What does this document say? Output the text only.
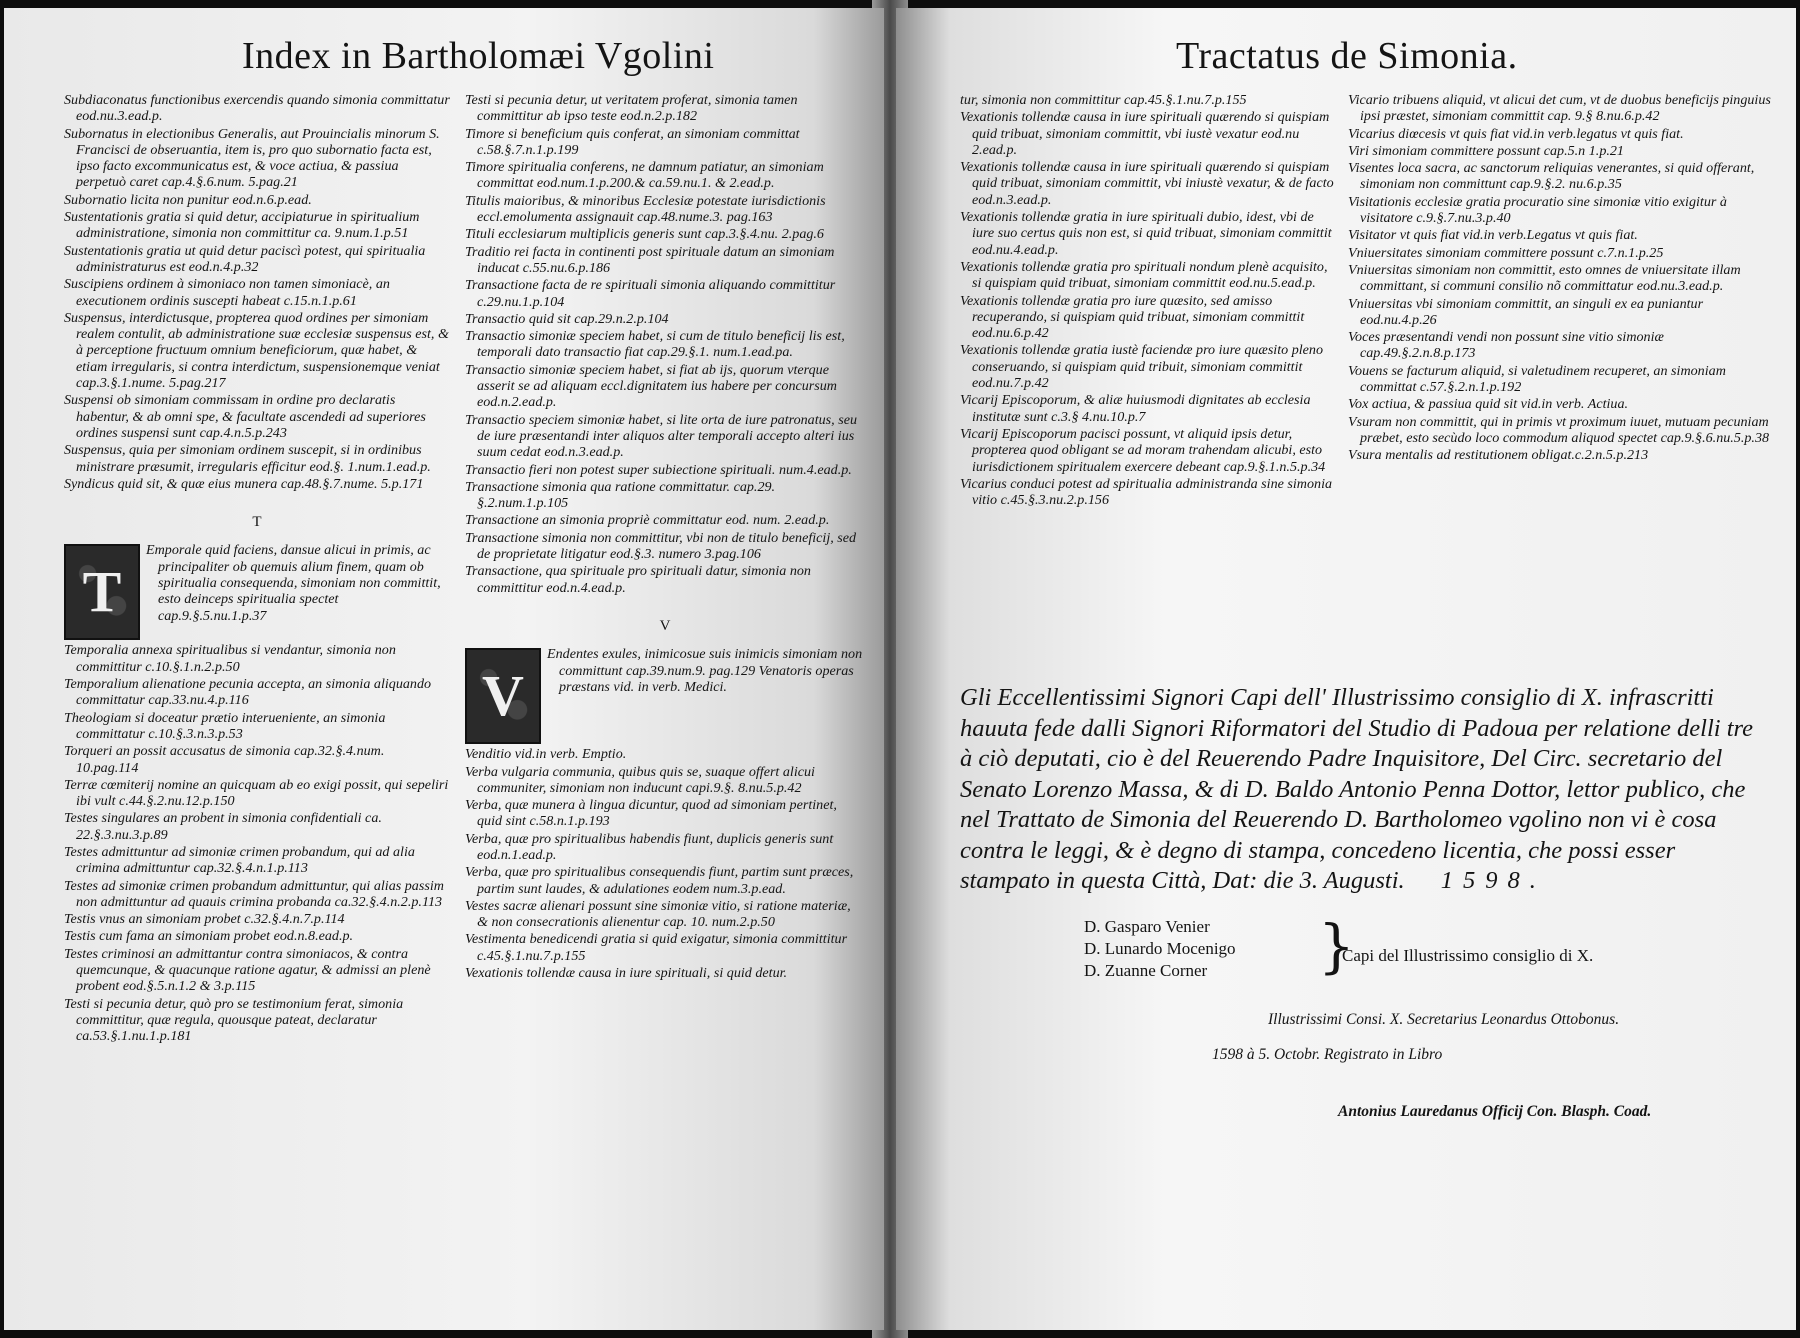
Index in Bartholomæi Vgolini
Subdiaconatus functionibus exercendis quando simonia committatur eod.nu.3.ead.p.
Subornatus in electionibus Generalis, aut Prouincialis minorum S. Francisci de obseruantia, item is, pro quo subornatio facta est, ipso facto excommunicatus est, & voce actiua, & passiua perpetuò caret cap.4.§.6.num. 5.pag.21
Subornatio licita non punitur eod.n.6.p.ead.
Sustentationis gratia si quid detur, accipiaturue in spiritualium administratione, simonia non committitur ca. 9.num.1.p.51
Sustentationis gratia ut quid detur paciscì potest, qui spiritualia administraturus est eod.n.4.p.32
Suscipiens ordinem à simoniaco non tamen simoniacè, an executionem ordinis suscepti habeat c.15.n.1.p.61
Suspensus, interdictusque, propterea quod ordines per simoniam realem contulit, ab administratione suæ ecclesiæ suspensus est, & à perceptione fructuum omnium beneficiorum, quæ habet, & etiam irregularis, si contra interdictum, suspensionemque veniat cap.3.§.1.nume. 5.pag.217
Suspensi ob simoniam commissam in ordine pro declaratis habentur, & ab omni spe, & facultate ascendedi ad superiores ordines suspensi sunt cap.4.n.5.p.243
Suspensus, quia per simoniam ordinem suscepit, si in ordinibus ministrare præsumit, irregularis efficitur eod.§. 1.num.1.ead.p.
Syndicus quid sit, & quæ eius munera cap.48.§.7.nume. 5.p.171
T
T
Emporale quid faciens, dansue alicui in primis, ac principaliter ob quemuis alium finem, quam ob spiritualia consequenda, simoniam non committit, esto deinceps spiritualia spectet cap.9.§.5.nu.1.p.37
Temporalia annexa spiritualibus si vendantur, simonia non committitur c.10.§.1.n.2.p.50
Temporalium alienatione pecunia accepta, an simonia aliquando committatur cap.33.nu.4.p.116
Theologiam si doceatur prætio interueniente, an simonia committatur c.10.§.3.n.3.p.53
Torqueri an possit accusatus de simonia cap.32.§.4.num. 10.pag.114
Terræ cœmiterij nomine an quicquam ab eo exigi possit, qui sepeliri ibi vult c.44.§.2.nu.12.p.150
Testes singulares an probent in simonia confidentiali ca. 22.§.3.nu.3.p.89
Testes admittuntur ad simoniæ crimen probandum, qui ad alia crimina admittuntur cap.32.§.4.n.1.p.113
Testes ad simoniæ crimen probandum admittuntur, qui alias passim non admittuntur ad quauis crimina probanda ca.32.§.4.n.2.p.113
Testis vnus an simoniam probet c.32.§.4.n.7.p.114
Testis cum fama an simoniam probet eod.n.8.ead.p.
Testes criminosi an admittantur contra simoniacos, & contra quemcunque, & quacunque ratione agatur, & admissi an plenè probent eod.§.5.n.1.2 & 3.p.115
Testi si pecunia detur, quò pro se testimonium ferat, simonia committitur, quæ regula, quousque pateat, declaratur ca.53.§.1.nu.1.p.181
Testi si pecunia detur, ut veritatem proferat, simonia tamen committitur ab ipso teste eod.n.2.p.182
Timore si beneficium quis conferat, an simoniam committat c.58.§.7.n.1.p.199
Timore spiritualia conferens, ne damnum patiatur, an simoniam committat eod.num.1.p.200.& ca.59.nu.1. & 2.ead.p.
Titulis maioribus, & minoribus Ecclesiæ potestate iurisdictionis eccl.emolumenta assignauit cap.48.nume.3. pag.163
Tituli ecclesiarum multiplicis generis sunt cap.3.§.4.nu. 2.pag.6
Traditio rei facta in continenti post spirituale datum an simoniam inducat c.55.nu.6.p.186
Transactione facta de re spirituali simonia aliquando committitur c.29.nu.1.p.104
Transactio quid sit cap.29.n.2.p.104
Transactio simoniæ speciem habet, si cum de titulo beneficij lis est, temporali dato transactio fiat cap.29.§.1. num.1.ead.pa.
Transactio simoniæ speciem habet, si fiat ab ijs, quorum vterque asserit se ad aliquam eccl.dignitatem ius habere per concursum eod.n.2.ead.p.
Transactio speciem simoniæ habet, si lite orta de iure patronatus, seu de iure præsentandi inter aliquos alter temporali accepto alteri ius suum cedat eod.n.3.ead.p.
Transactio fieri non potest super subiectione spirituali. num.4.ead.p.
Transactione simonia qua ratione committatur. cap.29. §.2.num.1.p.105
Transactione an simonia propriè committatur eod. num. 2.ead.p.
Transactione simonia non committitur, vbi non de titulo beneficij, sed de proprietate litigatur eod.§.3. numero 3.pag.106
Transactione, qua spirituale pro spirituali datur, simonia non committitur eod.n.4.ead.p.
V
V
Endentes exules, inimicosue suis inimicis simoniam non committunt cap.39.num.9. pag.129 Venatoris operas præstans vid. in verb. Medici.
Venditio vid.in verb. Emptio.
Verba vulgaria communia, quibus quis se, suaque offert alicui communiter, simoniam non inducunt capi.9.§. 8.nu.5.p.42
Verba, quæ munera à lingua dicuntur, quod ad simoniam pertinet, quid sint c.58.n.1.p.193
Verba, quæ pro spiritualibus habendis fiunt, duplicis generis sunt eod.n.1.ead.p.
Verba, quæ pro spiritualibus consequendis fiunt, partim sunt præces, partim sunt laudes, & adulationes eodem num.3.p.ead.
Vestes sacræ alienari possunt sine simoniæ vitio, si ratione materiæ, & non consecrationis alienentur cap. 10. num.2.p.50
Vestimenta benedicendi gratia si quid exigatur, simonia committitur c.45.§.1.nu.7.p.155
Vexationis tollendæ causa in iure spirituali, si quid detur.
Tractatus de Simonia.
tur, simonia non committitur cap.45.§.1.nu.7.p.155
Vexationis tollendæ causa in iure spirituali quærendo si quispiam quid tribuat, simoniam committit, vbi iustè vexatur eod.nu 2.ead.p.
Vexationis tollendæ causa in iure spirituali quærendo si quispiam quid tribuat, simoniam committit, vbi iniustè vexatur, & de facto eod.n.3.ead.p.
Vexationis tollendæ gratia in iure spirituali dubio, idest, vbi de iure suo certus quis non est, si quid tribuat, simoniam committit eod.nu.4.ead.p.
Vexationis tollendæ gratia pro spirituali nondum plenè acquisito, si quispiam quid tribuat, simoniam committit eod.nu.5.ead.p.
Vexationis tollendæ gratia pro iure quæsito, sed amisso recuperando, si quispiam quid tribuat, simoniam committit eod.nu.6.p.42
Vexationis tollendæ gratia iustè faciendæ pro iure quæsito pleno conseruando, si quispiam quid tribuit, simoniam committit eod.nu.7.p.42
Vicarij Episcoporum, & aliæ huiusmodi dignitates ab ecclesia institutæ sunt c.3.§ 4.nu.10.p.7
Vicarij Episcoporum pacisci possunt, vt aliquid ipsis detur, propterea quod obligant se ad moram trahendam alicubi, esto iurisdictionem spiritualem exercere debeant cap.9.§.1.n.5.p.34
Vicarius conduci potest ad spiritualia administranda sine simonia vitio c.45.§.3.nu.2.p.156
Vicario tribuens aliquid, vt alicui det cum, vt de duobus beneficijs pinguius ipsi præstet, simoniam committit cap. 9.§ 8.nu.6.p.42
Vicarius diœcesis vt quis fiat vid.in verb.legatus vt quis fiat.
Viri simoniam committere possunt cap.5.n 1.p.21
Visentes loca sacra, ac sanctorum reliquias venerantes, si quid offerant, simoniam non committunt cap.9.§.2. nu.6.p.35
Visitationis ecclesiæ gratia procuratio sine simoniæ vitio exigitur à visitatore c.9.§.7.nu.3.p.40
Visitator vt quis fiat vid.in verb.Legatus vt quis fiat.
Vniuersitates simoniam committere possunt c.7.n.1.p.25
Vniuersitas simoniam non committit, esto omnes de vniuersitate illam committant, si communi consilio nõ committatur eod.nu.3.ead.p.
Vniuersitas vbi simoniam committit, an singuli ex ea puniantur eod.nu.4.p.26
Voces præsentandi vendi non possunt sine vitio simoniæ cap.49.§.2.n.8.p.173
Vouens se facturum aliquid, si valetudinem recuperet, an simoniam committat c.57.§.2.n.1.p.192
Vox actiua, & passiua quid sit vid.in verb. Actiua.
Vsuram non committit, qui in primis vt proximum iuuet, mutuam pecuniam præbet, esto secùdo loco commodum aliquod spectet cap.9.§.6.nu.5.p.38
Vsura mentalis ad restitutionem obligat.c.2.n.5.p.213
Gli Eccellentissimi Signori Capi dell' Illustrissimo consiglio di X. infrascritti hauuta fede dalli Signori Riformatori del Studio di Padoua per relatione delli tre à ciò deputati, cio è del Reuerendo Padre Inquisitore, Del Circ. secretario del Senato Lorenzo Massa, & di D. Baldo Antonio Penna Dottor, lettor publico, che nel Trattato de Simonia del Reuerendo D. Bartholomeo vgolino non vi è cosa contra le leggi, & è degno di stampa, concedeno licentia, che possi esser stampato in questa Città, Dat: die 3. Augusti. 1598.
D. Gasparo Venier
D. Lunardo Mocenigo
D. Zuanne Corner	}
Capi del Illustrissimo consiglio di X.
Illustrissimi Consi. X. Secretarius Leonardus Ottobonus.
1598 à 5. Octobr. Registrato in Libro
Antonius Lauredanus Officij Con. Blasph. Coad.
